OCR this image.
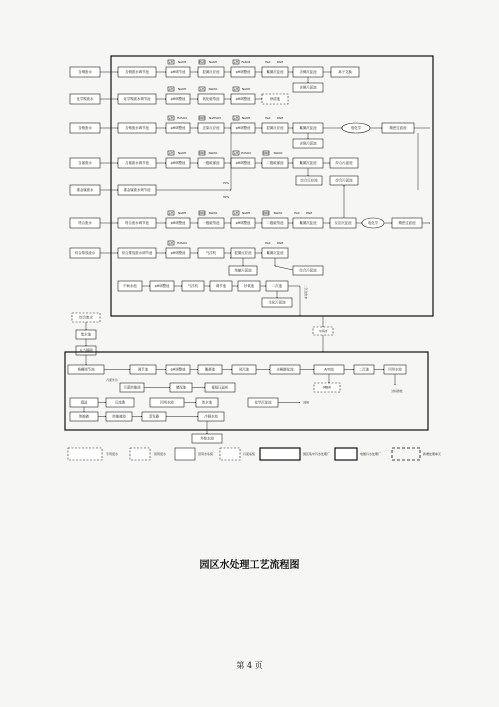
含铜废水
化学镍废水
含铬废水
含氰废水
重金属废水
络合废水
综合排放废水
含铜废水调节池	pH调节池	混凝反应池	pH调整池	絮凝沉淀池	含铜沉淀池	离子交换
含铜污泥池
pH NaOH	PAC NaOH	pH FeSO4	PAC PAM
化学镍废水调节池	pH调整池	氧化破络池	pH调整池	砂滤池
pH NaOH	pH NaClO	pH NaOH
含铬废水调节池	pH调整池	还原反应池	pH调整池	混凝反应池	絮凝沉淀池	电化学	精密过滤池
含铬污泥池
pH H2SO4	ORP NaHSO3	pH NaOH	PAC PAM
含氰废水调节池	pH调整池	一级破氰池	pH调整池	二级破氰池	絮凝沉淀池
综合反应池
综合污泥池
pH NaOH	ORP NaClO	pH H2SO4	ORP NaClO
重金属废水调节池
70%
30%
络合废水调节池	pH调整池	一级破络池	pH调整池	二级破络池	絮凝沉淀池	反应沉淀池	电化学	精密过滤池
pH NaOH	ORP NaClO	pH NaOH	ORP NaClO	PAC PAM
综合污泥池
综合排放废水调节池	pH调整池	气浮机	混凝反应池	絮凝沉淀池
浓缩污泥池	综合污泥池
pH H2SO4	PAC PAM
中间水池	pH调整池	气浮机	调节池	好氧池	二沉池
生化污泥池
二沉池出水
中间池
综合废水
集水池
水力筛网
格栅调节池	调节池	pH调整池	絮凝池	初沉池	水解酸化池	A/O池	二沉池	回用水池
达标排放
污泥浓缩池	储泥池	板框压滤机	MBR
污泥外运
超滤	反渗透	回用水池	浓水池	化学沉淀池	回用
浓缩液	浓缩液池	蒸发器	冷凝水池
外排水池
专用废水	回用废水	回用水系统	污泥系统	园区集中污水处理厂	电镀污水处理厂	新增处理单元
园区水处理工艺流程图
第 4 页
